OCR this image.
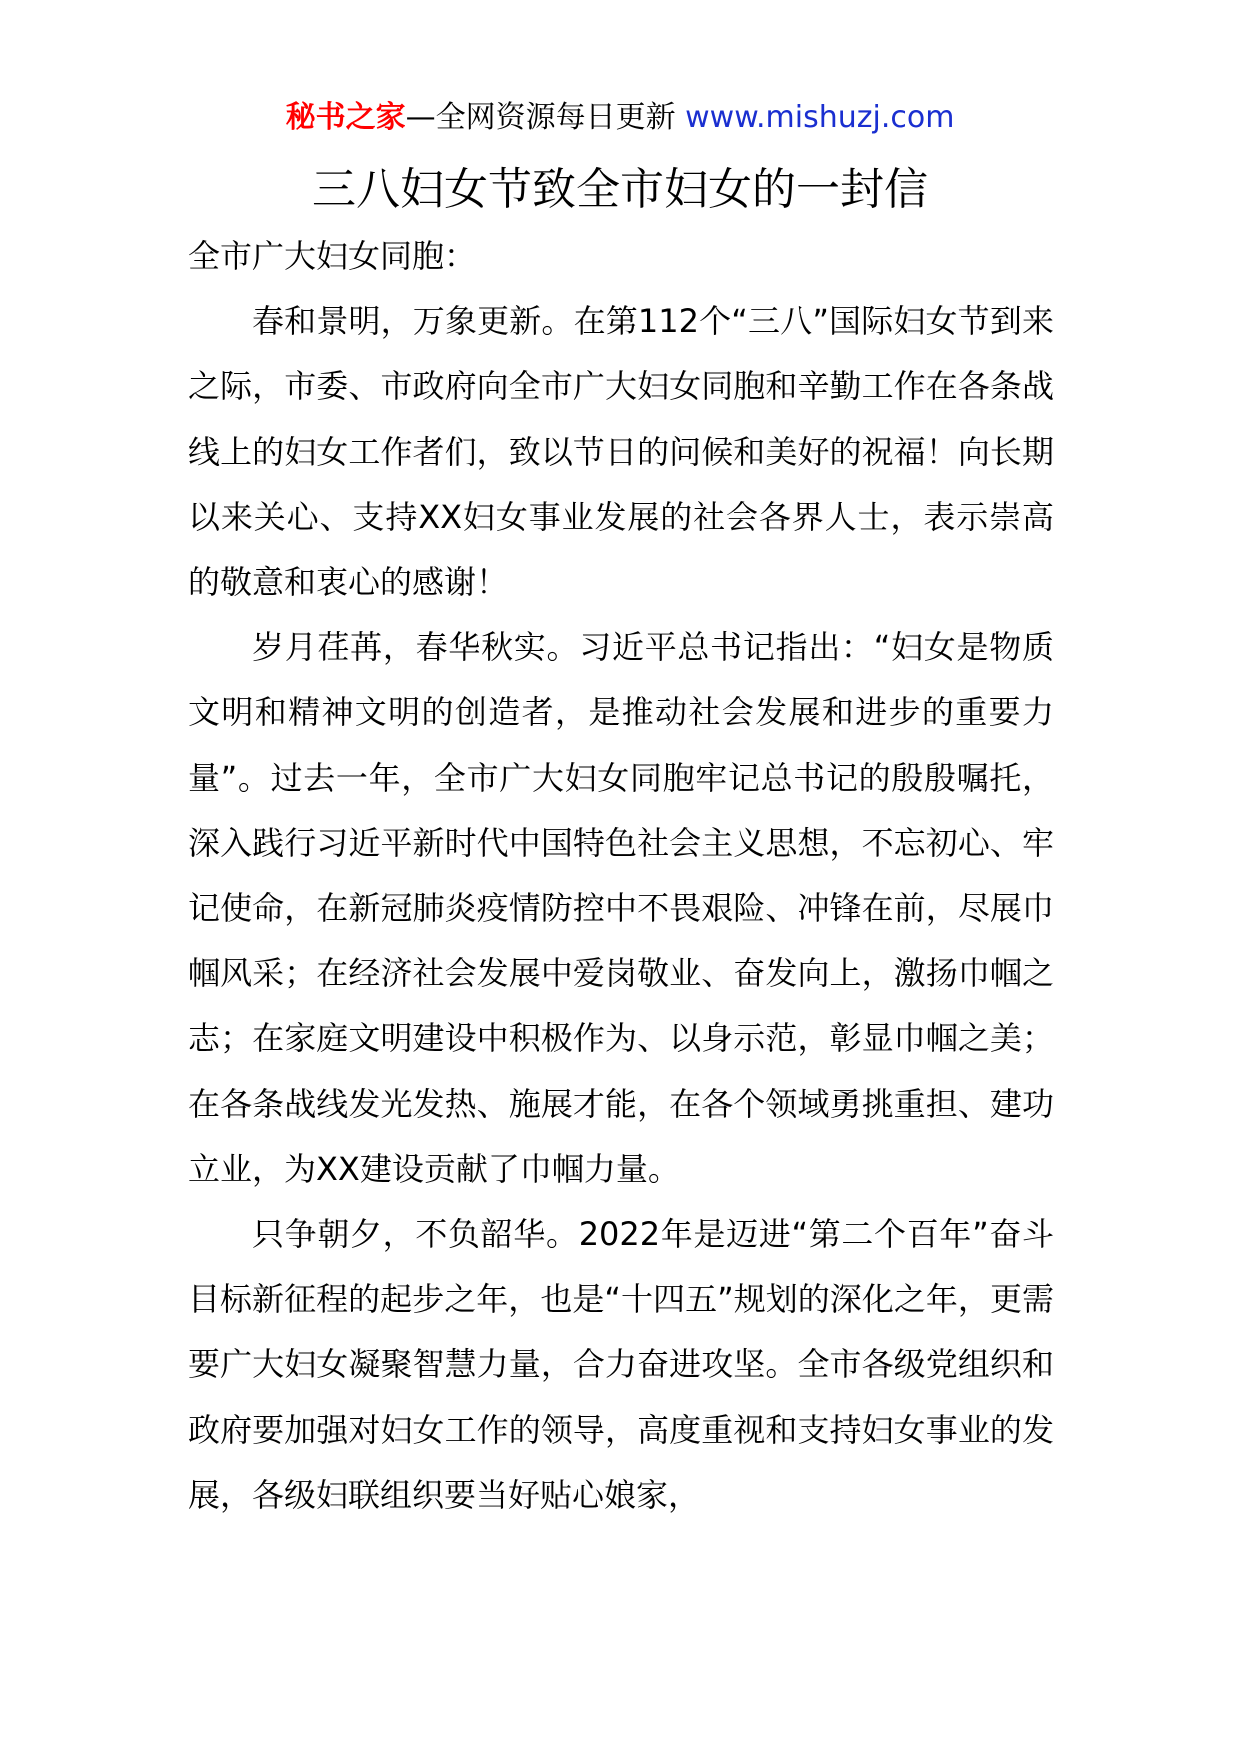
秘书之家—全网资源每日更新 www.mishuzj.com
三八妇女节致全市妇女的一封信

全市广大妇女同胞：

春和景明，万象更新。在第112个“三八”国际妇女节到来之际，市委、市政府向全市广大妇女同胞和辛勤工作在各条战线上的妇女工作者们，致以节日的问候和美好的祝福！向长期以来关心、支持XX妇女事业发展的社会各界人士，表示崇高的敬意和衷心的感谢！

岁月荏苒，春华秋实。习近平总书记指出：“妇女是物质文明和精神文明的创造者，是推动社会发展和进步的重要力量”。过去一年，全市广大妇女同胞牢记总书记的殷殷嘱托，深入践行习近平新时代中国特色社会主义思想，不忘初心、牢记使命，在新冠肺炎疫情防控中不畏艰险、冲锋在前，尽展巾帼风采；在经济社会发展中爱岗敬业、奋发向上，激扬巾帼之志；在家庭文明建设中积极作为、以身示范，彰显巾帼之美；在各条战线发光发热、施展才能，在各个领域勇挑重担、建功立业，为XX建设贡献了巾帼力量。

只争朝夕，不负韶华。2022年是迈进“第二个百年”奋斗目标新征程的起步之年，也是“十四五”规划的深化之年，更需要广大妇女凝聚智慧力量，合力奋进攻坚。全市各级党组织和政府要加强对妇女工作的领导，高度重视和支持妇女事业的发展，各级妇联组织要当好贴心娘家，
